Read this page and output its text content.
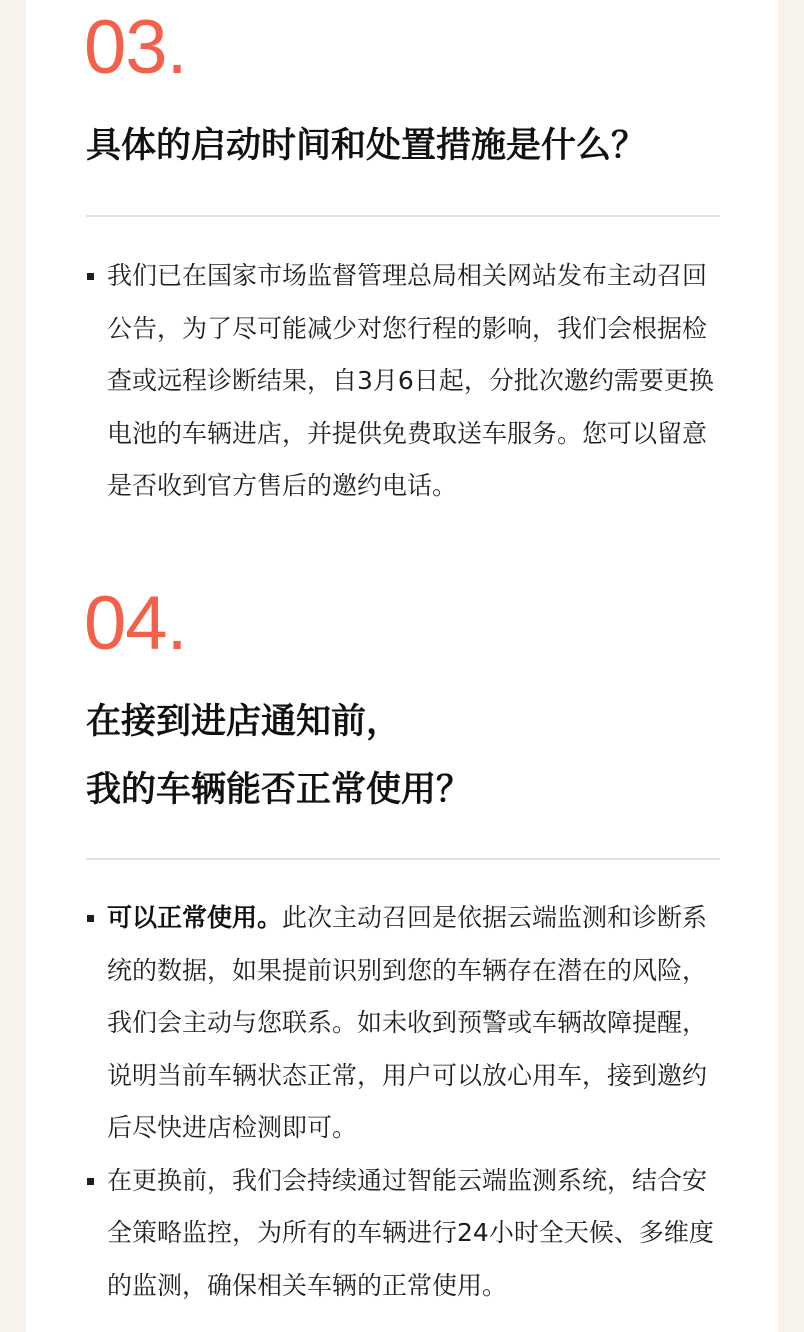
03.
具体的启动时间和处置措施是什么？
我们已在国家市场监督管理总局相关网站发布主动召回公告，为了尽可能减少对您行程的影响，我们会根据检查或远程诊断结果，自3月6日起，分批次邀约需要更换电池的车辆进店，并提供免费取送车服务。您可以留意是否收到官方售后的邀约电话。
04.
在接到进店通知前，
我的车辆能否正常使用？
可以正常使用。此次主动召回是依据云端监测和诊断系统的数据，如果提前识别到您的车辆存在潜在的风险，我们会主动与您联系。如未收到预警或车辆故障提醒，说明当前车辆状态正常，用户可以放心用车，接到邀约后尽快进店检测即可。
在更换前，我们会持续通过智能云端监测系统，结合安全策略监控，为所有的车辆进行24小时全天候、多维度的监测，确保相关车辆的正常使用。
